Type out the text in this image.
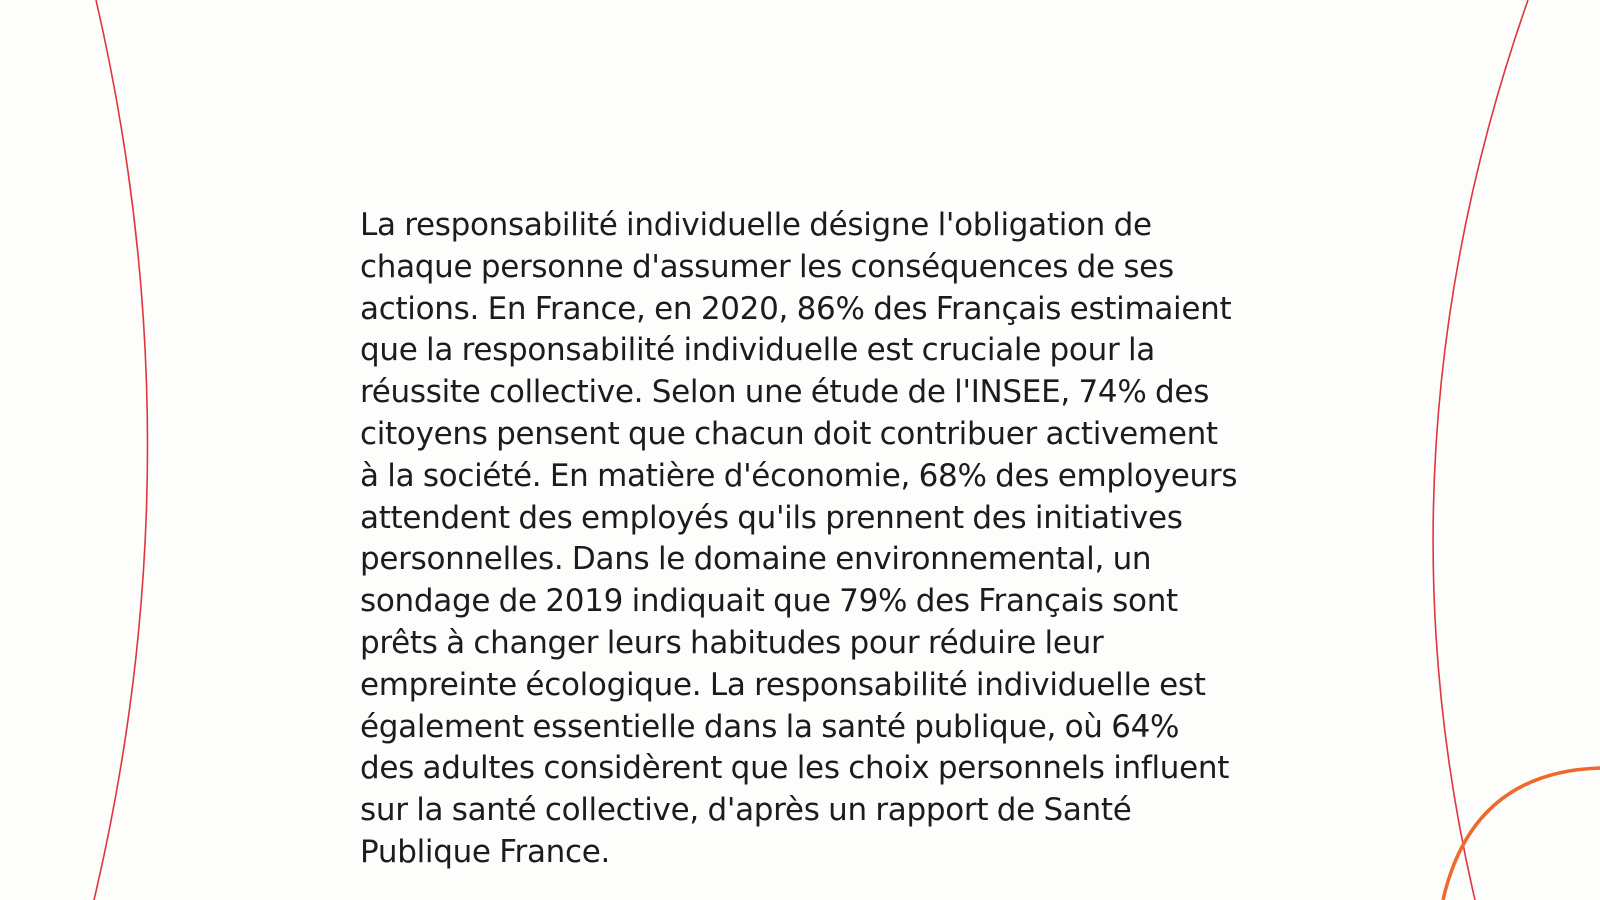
La responsabilité individuelle désigne l'obligation de chaque personne d'assumer les conséquences de ses actions. En France, en 2020, 86% des Français estimaient que la responsabilité individuelle est cruciale pour la réussite collective. Selon une étude de l'INSEE, 74% des citoyens pensent que chacun doit contribuer activement à la société. En matière d'économie, 68% des employeurs attendent des employés qu'ils prennent des initiatives personnelles. Dans le domaine environnemental, un sondage de 2019 indiquait que 79% des Français sont prêts à changer leurs habitudes pour réduire leur empreinte écologique. La responsabilité individuelle est également essentielle dans la santé publique, où 64% des adultes considèrent que les choix personnels influent sur la santé collective, d'après un rapport de Santé Publique France.
